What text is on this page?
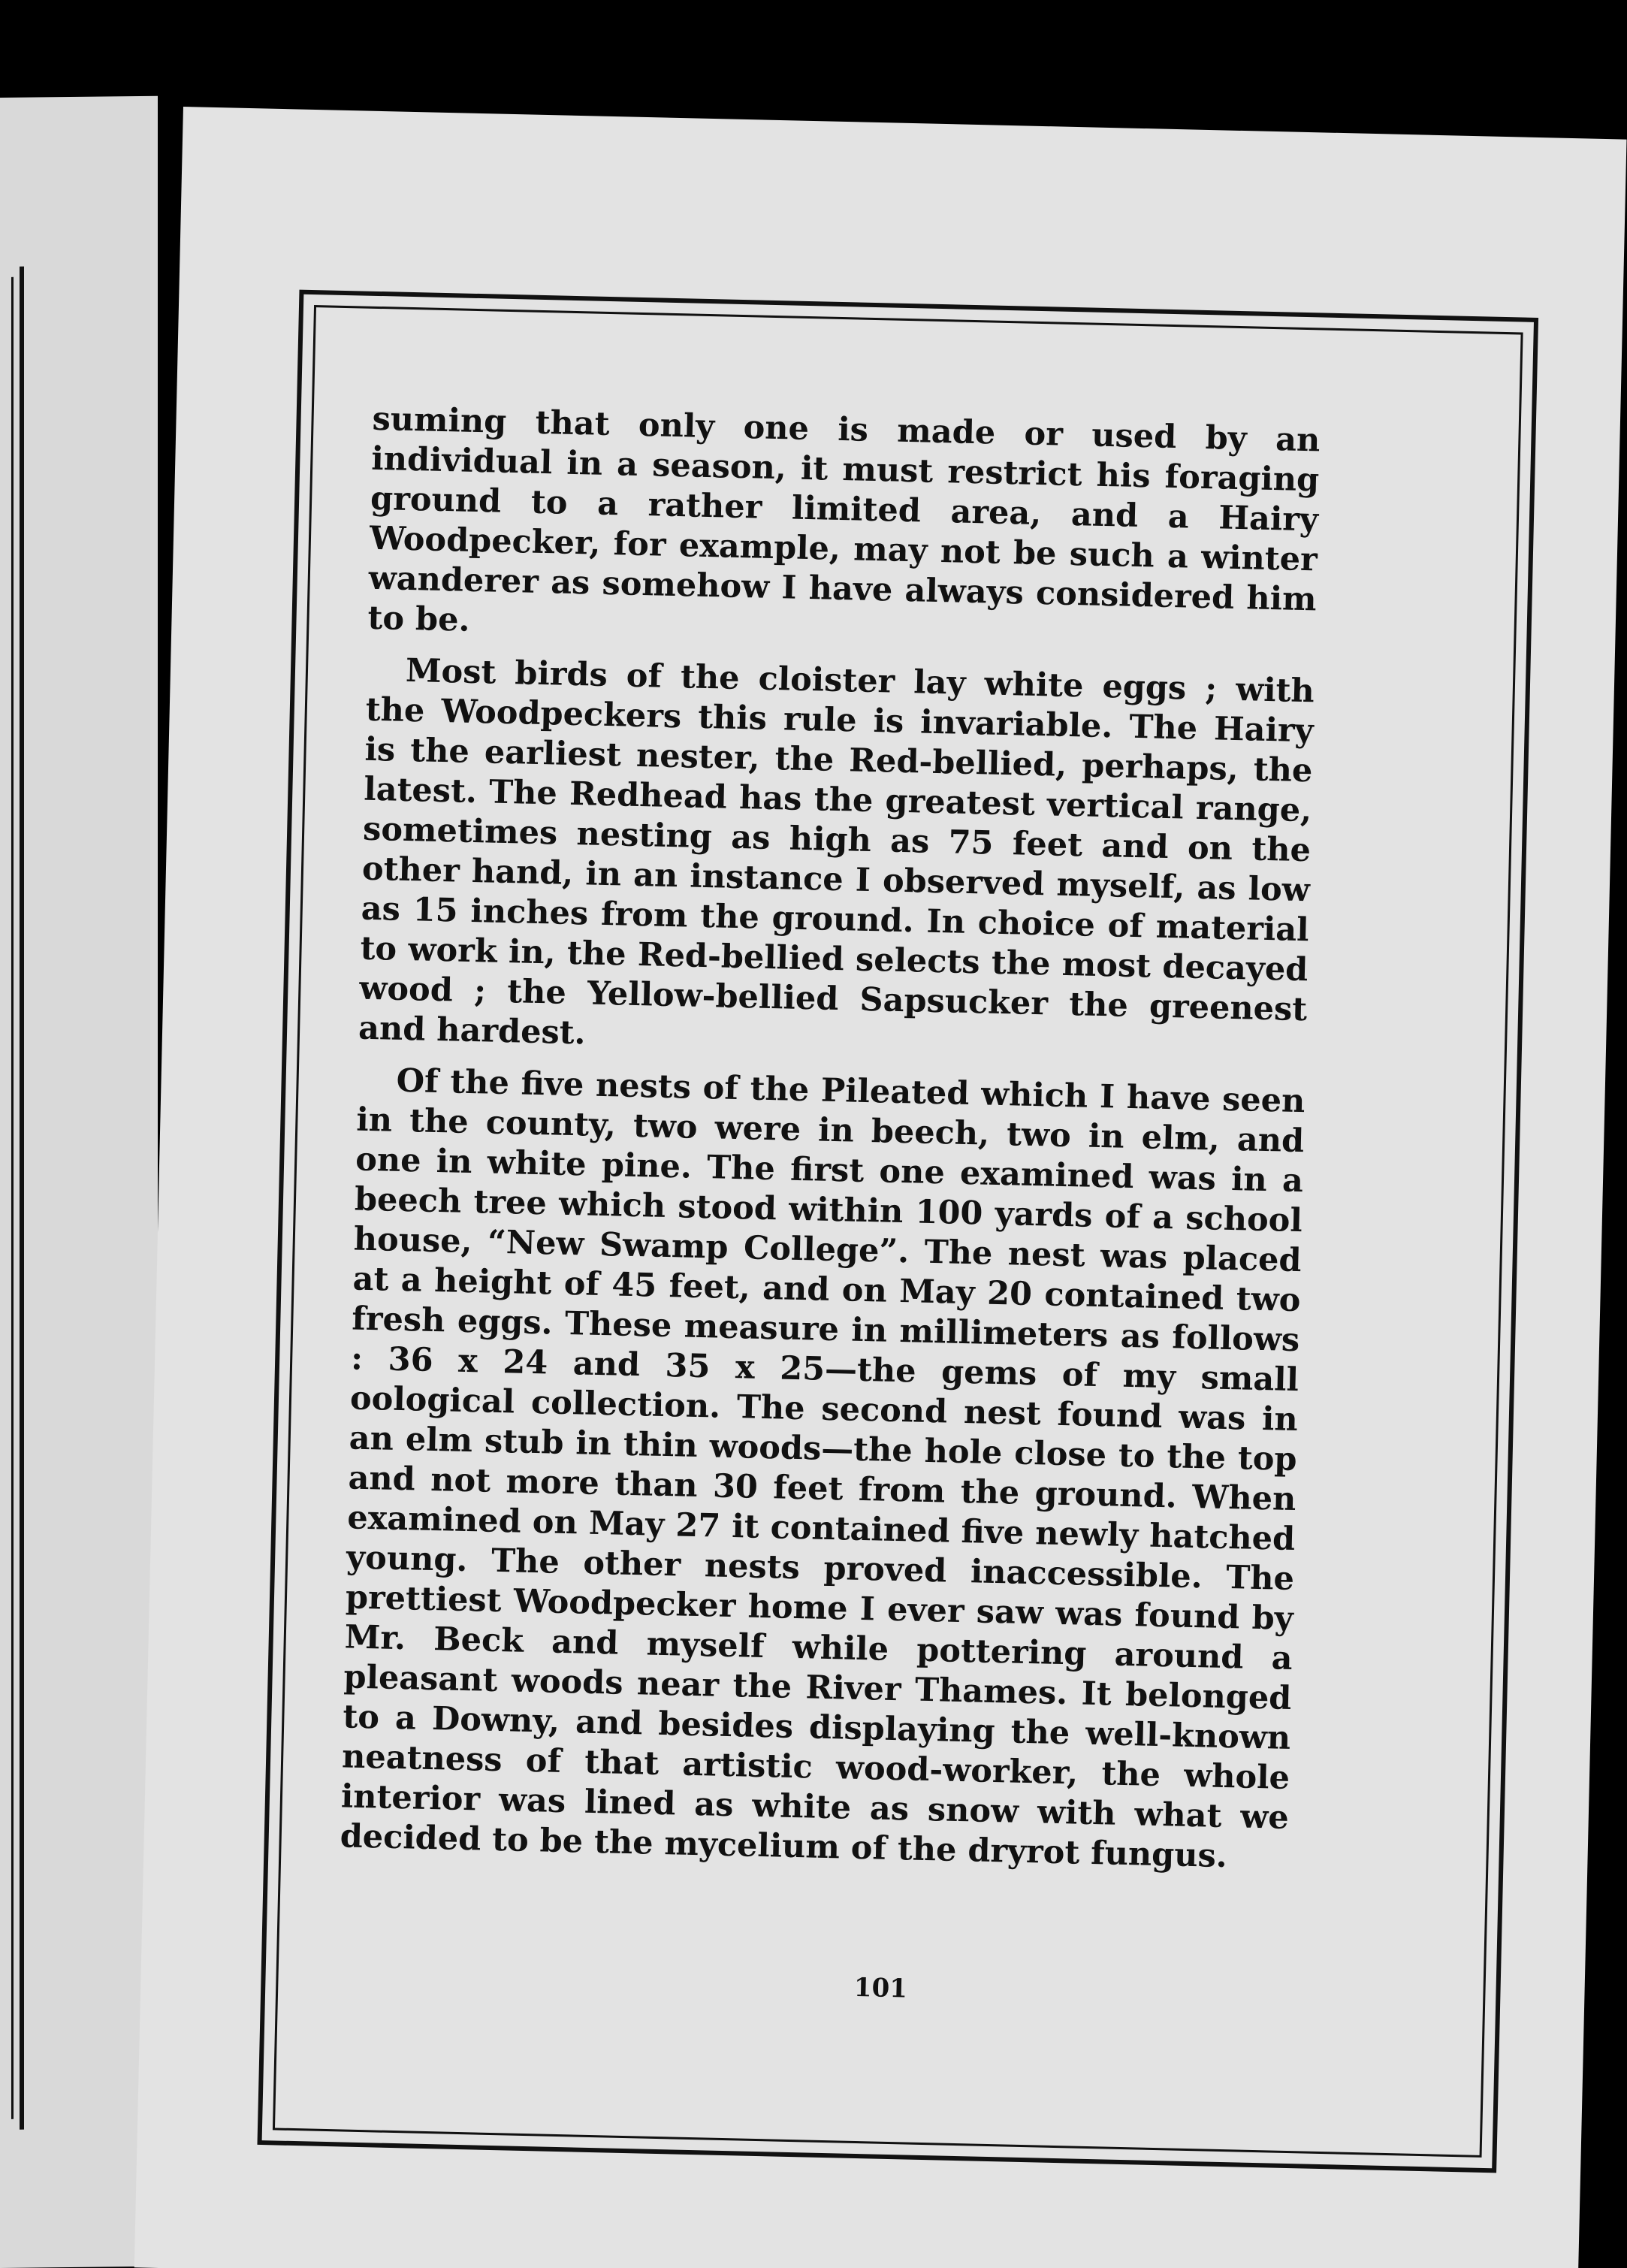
suming that only one is made or used by an individual in a season, it must restrict his foraging ground to a rather limited area, and a Hairy Woodpecker, for example, may not be such a winter wanderer as somehow I have always considered him to be.

Most birds of the cloister lay white eggs ; with the Woodpeckers this rule is invariable. The Hairy is the earliest nester, the Red-bellied, perhaps, the latest. The Redhead has the greatest vertical range, sometimes nesting as high as 75 feet and on the other hand, in an instance I observed myself, as low as 15 inches from the ground. In choice of material to work in, the Red-bellied selects the most decayed wood ; the Yellow-bellied Sapsucker the greenest and hardest.

Of the five nests of the Pileated which I have seen in the county, two were in beech, two in elm, and one in white pine. The first one examined was in a beech tree which stood within 100 yards of a school house, “New Swamp College”. The nest was placed at a height of 45 feet, and on May 20 contained two fresh eggs. These measure in millimeters as follows : 36 x 24 and 35 x 25—the gems of my small oological collection. The second nest found was in an elm stub in thin woods—the hole close to the top and not more than 30 feet from the ground. When examined on May 27 it contained five newly hatched young. The other nests proved inaccessible. The prettiest Woodpecker home I ever saw was found by Mr. Beck and myself while pottering around a pleasant woods near the River Thames. It belonged to a Downy, and besides displaying the well-known neatness of that artistic wood-worker, the whole interior was lined as white as snow with what we decided to be the mycelium of the dryrot fungus.

101
